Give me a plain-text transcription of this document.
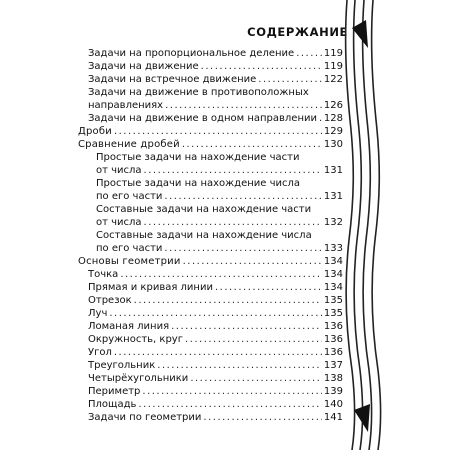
СОДЕРЖАНИЕ
Задачи на пропорциональное деление .....	119
Задачи на движение .....	119
Задачи на встречное движение .....	122
Задачи на движение в противоположных
направлениях .....	126
Задачи на движение в одном направлении ..... 128
Дроби .....	129
Сравнение дробей .....	130
Простые задачи на нахождение части
от числа .....	131
Простые задачи на нахождение числа
по его части .....	131
Составные задачи на нахождение части
от числа .....	132
Составные задачи на нахождение числа
по его части .....	133
Основы геометрии .....	134
Точка .....	134
Прямая и кривая линии .....	134
Отрезок .....	135
Луч .....	135
Ломаная линия .....	136
Окружность, круг .....	136
Угол .....	136
Треугольник .....	137
Четырёхугольники .....	138
Периметр .....	139
Площадь .....	140
Задачи по геометрии .....	141
